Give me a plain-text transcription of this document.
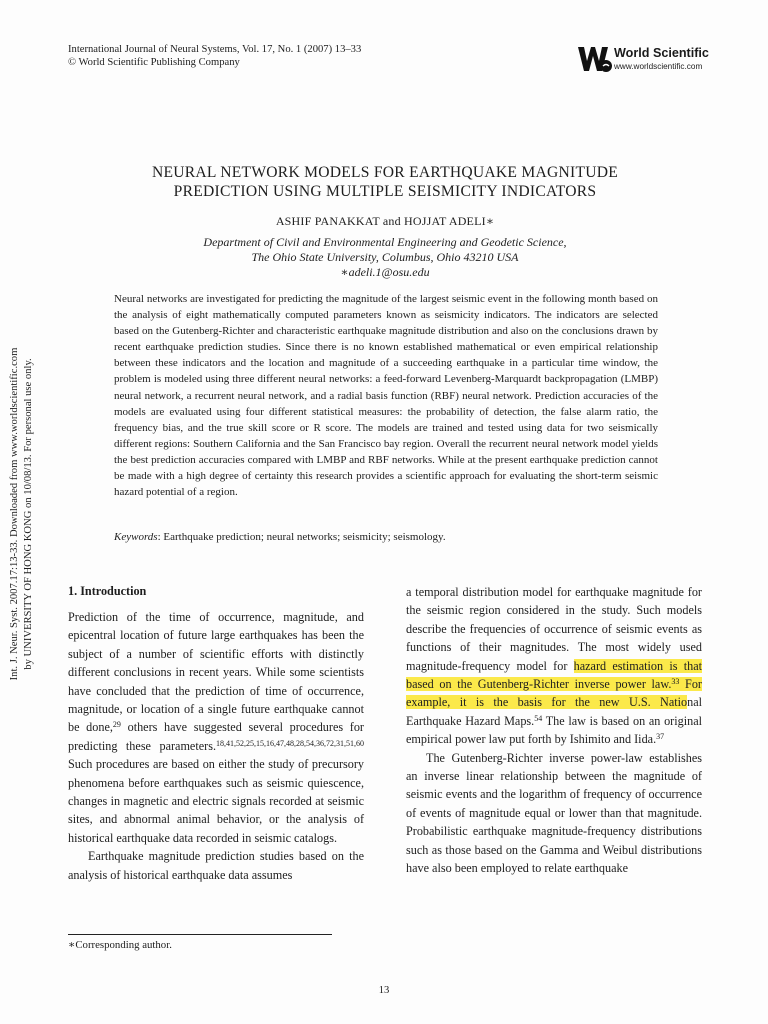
International Journal of Neural Systems, Vol. 17, No. 1 (2007) 13–33
© World Scientific Publishing Company
World Scientific
www.worldscientific.com
NEURAL NETWORK MODELS FOR EARTHQUAKE MAGNITUDE
PREDICTION USING MULTIPLE SEISMICITY INDICATORS
ASHIF PANAKKAT and HOJJAT ADELI∗
Department of Civil and Environmental Engineering and Geodetic Science,
The Ohio State University, Columbus, Ohio 43210 USA
∗adeli.1@osu.edu
Neural networks are investigated for predicting the magnitude of the largest seismic event in the following month based on the analysis of eight mathematically computed parameters known as seismicity indicators. The indicators are selected based on the Gutenberg-Richter and characteristic earthquake magnitude distribution and also on the conclusions drawn by recent earthquake prediction studies. Since there is no known established mathematical or even empirical relationship between these indicators and the location and magnitude of a succeeding earthquake in a particular time window, the problem is modeled using three different neural networks: a feed-forward Levenberg-Marquardt backpropagation (LMBP) neural network, a recurrent neural network, and a radial basis function (RBF) neural network. Prediction accuracies of the models are evaluated using four different statistical measures: the probability of detection, the false alarm ratio, the frequency bias, and the true skill score or R score. The models are trained and tested using data for two seismically different regions: Southern California and the San Francisco bay region. Overall the recurrent neural network model yields the best prediction accuracies compared with LMBP and RBF networks. While at the present earthquake prediction cannot be made with a high degree of certainty this research provides a scientific approach for evaluating the short-term seismic hazard potential of a region.
Keywords: Earthquake prediction; neural networks; seismicity; seismology.
Int. J. Neur. Syst. 2007.17:13-33. Downloaded from www.worldscientific.com by UNIVERSITY OF HONG KONG on 10/08/13. For personal use only.	1. Introduction

Prediction of the time of occurrence, magnitude, and epicentral location of future large earthquakes has been the subject of a number of scientific efforts with distinctly different conclusions in recent years. While some scientists have concluded that the prediction of time of occurrence, magnitude, or location of a single future earthquake cannot be done,$^{29}$ others have suggested several procedures for predicting these parameters.$^{18,41,52,25,15,16,47,48,28,54,36,72,31,51,60}$ Such procedures are based on either the study of precursory phenomena before earthquakes such as seismic quiescence, changes in magnetic and electric signals recorded at seismic sites, and abnormal animal behavior, or the analysis of historical earthquake data recorded in seismic catalogs.

Earthquake magnitude prediction studies based on the analysis of historical earthquake data assumes

a temporal distribution model for earthquake magnitude for the seismic region considered in the study. Such models describe the frequencies of occurrence of seismic events as functions of their magnitudes. The most widely used magnitude-frequency model for hazard estimation is that based on the Gutenberg-Richter inverse power law.$^{33}$ For example, it is the basis for the new U.S. National Earthquake Hazard Maps.$^{54}$ The law is based on an original empirical power law put forth by Ishimito and Iida.$^{37}$

The Gutenberg-Richter inverse power-law establishes an inverse linear relationship between the magnitude of seismic events and the logarithm of frequency of occurrence of events of magnitude equal or lower than that magnitude. Probabilistic earthquake magnitude-frequency distributions such as those based on the Gamma and Weibul distributions have also been employed to relate earthquake

∗Corresponding author.
13
